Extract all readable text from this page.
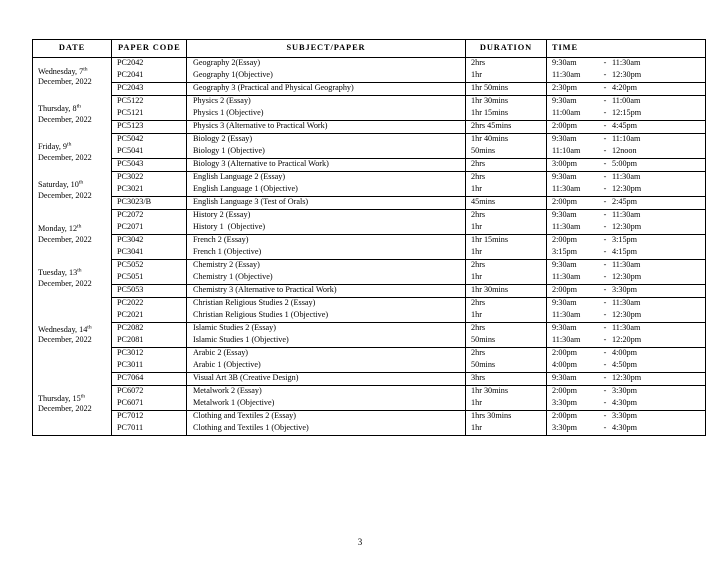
DATE	PAPER CODE	SUBJECT/PAPER	DURATION	TIME

Wednesday, 7th
December, 2022	PC2042	Geography 2(Essay)	2hrs	9:30am - 11:30am
	PC2041	Geography 1(Objective)	1hr	11:30am - 12:30pm
	PC2043	Geography 3 (Practical and Physical Geography)	1hr 50mins	2:30pm - 4:20pm

Thursday, 8th
December, 2022	PC5122	Physics 2 (Essay)	1hr 30mins	9:30am - 11:00am
	PC5121	Physics 1 (Objective)	1hr 15mins	11:00am - 12:15pm
	PC5123	Physics 3 (Alternative to Practical Work)	2hrs 45mins	2:00pm - 4:45pm

Friday, 9th
December, 2022	PC5042	Biology 2 (Essay)	1hr 40mins	9:30am - 11:10am
	PC5041	Biology 1 (Objective)	50mins	11:10am - 12noon
	PC5043	Biology 3 (Alternative to Practical Work)	2hrs	3:00pm - 5:00pm

Saturday, 10th
December, 2022	PC3022	English Language 2 (Essay)	2hrs	9:30am - 11:30am
	PC3021	English Language 1 (Objective)	1hr	11:30am - 12:30pm
	PC3023/B	English Language 3 (Test of Orals)	45mins	2:00pm - 2:45pm

Monday, 12th
December, 2022	PC2072	History 2 (Essay)	2hrs	9:30am - 11:30am
	PC2071	History 1  (Objective)	1hr	11:30am - 12:30pm
	PC3042	French 2 (Essay)	1hr 15mins	2:00pm - 3:15pm
	PC3041	French 1 (Objective)	1hr	3:15pm - 4:15pm

Tuesday, 13th
December, 2022	PC5052	Chemistry 2 (Essay)	2hrs	9:30am - 11:30am
	PC5051	Chemistry 1 (Objective)	1hr	11:30am - 12:30pm
	PC5053	Chemistry 3 (Alternative to Practical Work)	1hr 30mins	2:00pm - 3:30pm

Wednesday, 14th
December, 2022	PC2022	Christian Religious Studies 2 (Essay)	2hrs	9:30am - 11:30am
	PC2021	Christian Religious Studies 1 (Objective)	1hr	11:30am - 12:30pm
	PC2082	Islamic Studies 2 (Essay)	2hrs	9:30am - 11:30am
	PC2081	Islamic Studies 1 (Objective)	50mins	11:30am - 12:20pm
	PC3012	Arabic 2 (Essay)	2hrs	2:00pm - 4:00pm
	PC3011	Arabic 1 (Objective)	50mins	4:00pm - 4:50pm

Thursday, 15th
December, 2022	PC7064	Visual Art 3B (Creative Design)	3hrs	9:30am - 12:30pm
	PC6072	Metalwork 2 (Essay)	1hr 30mins	2:00pm - 3:30pm
	PC6071	Metalwork 1 (Objective)	1hr	3:30pm - 4:30pm
	PC7012	Clothing and Textiles 2 (Essay)	1hrs 30mins	2:00pm - 3:30pm
	PC7011	Clothing and Textiles 1 (Objective)	1hr	3:30pm - 4:30pm
3
